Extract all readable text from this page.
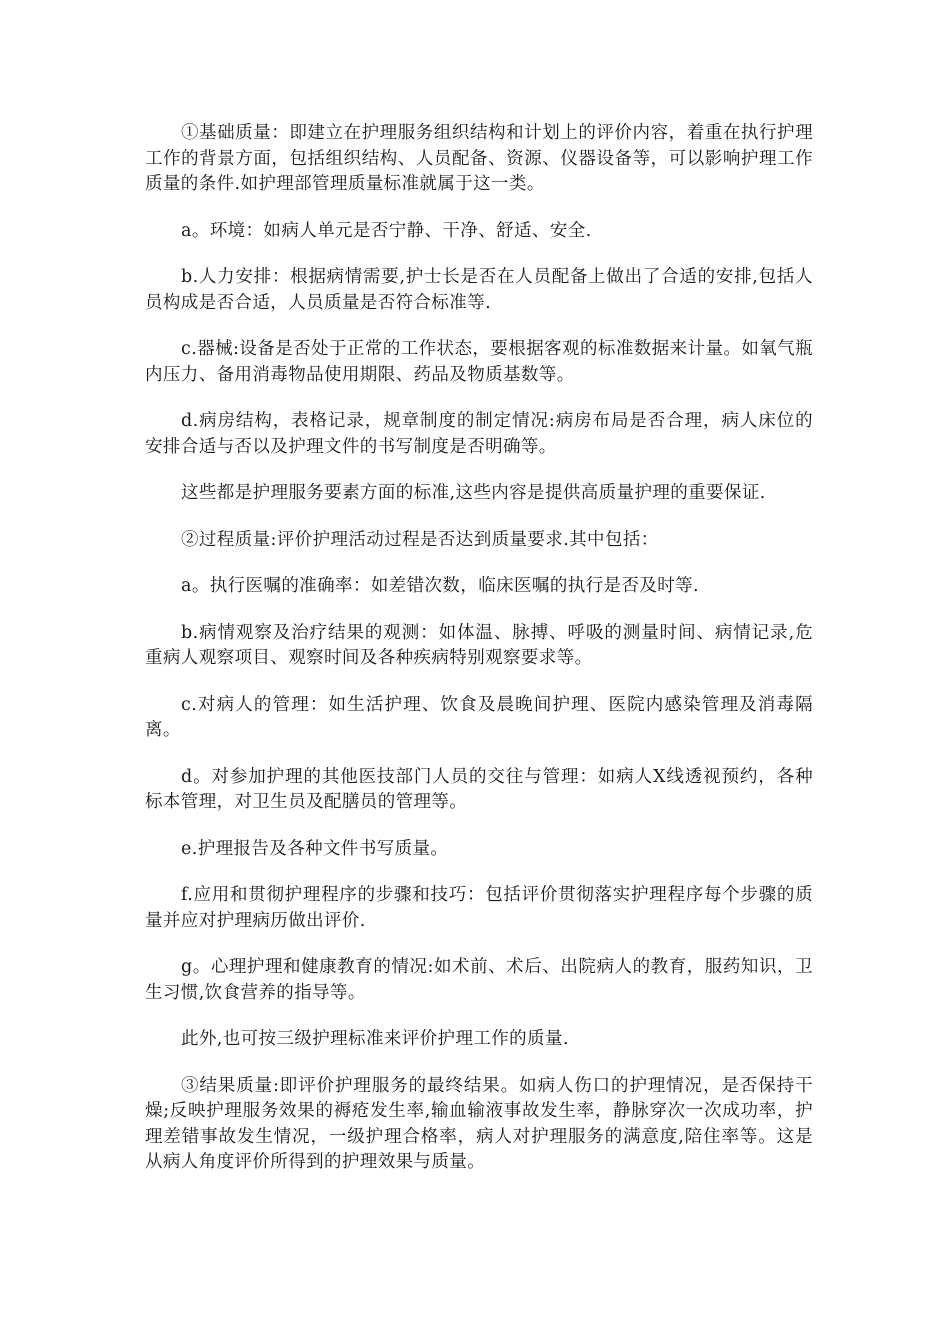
①基础质量：即建立在护理服务组织结构和计划上的评价内容，着重在执行护理工作的背景方面，包括组织结构、人员配备、资源、仪器设备等，可以影响护理工作质量的条件.如护理部管理质量标准就属于这一类。

a。环境：如病人单元是否宁静、干净、舒适、安全.

b.人力安排：根据病情需要,护士长是否在人员配备上做出了合适的安排,包括人员构成是否合适，人员质量是否符合标准等.

c.器械:设备是否处于正常的工作状态，要根据客观的标准数据来计量。如氧气瓶内压力、备用消毒物品使用期限、药品及物质基数等。

d.病房结构，表格记录，规章制度的制定情况:病房布局是否合理，病人床位的安排合适与否以及护理文件的书写制度是否明确等。

这些都是护理服务要素方面的标准,这些内容是提供高质量护理的重要保证.

②过程质量:评价护理活动过程是否达到质量要求.其中包括：

a。执行医嘱的准确率：如差错次数，临床医嘱的执行是否及时等.

b.病情观察及治疗结果的观测：如体温、脉搏、呼吸的测量时间、病情记录,危重病人观察项目、观察时间及各种疾病特别观察要求等。

c.对病人的管理：如生活护理、饮食及晨晚间护理、医院内感染管理及消毒隔离。

d。对参加护理的其他医技部门人员的交往与管理：如病人X线透视预约，各种标本管理，对卫生员及配膳员的管理等。

e.护理报告及各种文件书写质量。

f.应用和贯彻护理程序的步骤和技巧：包括评价贯彻落实护理程序每个步骤的质量并应对护理病历做出评价.

g。心理护理和健康教育的情况:如术前、术后、出院病人的教育，服药知识，卫生习惯,饮食营养的指导等。

此外,也可按三级护理标准来评价护理工作的质量.

③结果质量:即评价护理服务的最终结果。如病人伤口的护理情况，是否保持干燥;反映护理服务效果的褥疮发生率,输血输液事故发生率，静脉穿次一次成功率，护理差错事故发生情况，一级护理合格率，病人对护理服务的满意度,陪住率等。这是从病人角度评价所得到的护理效果与质量。
